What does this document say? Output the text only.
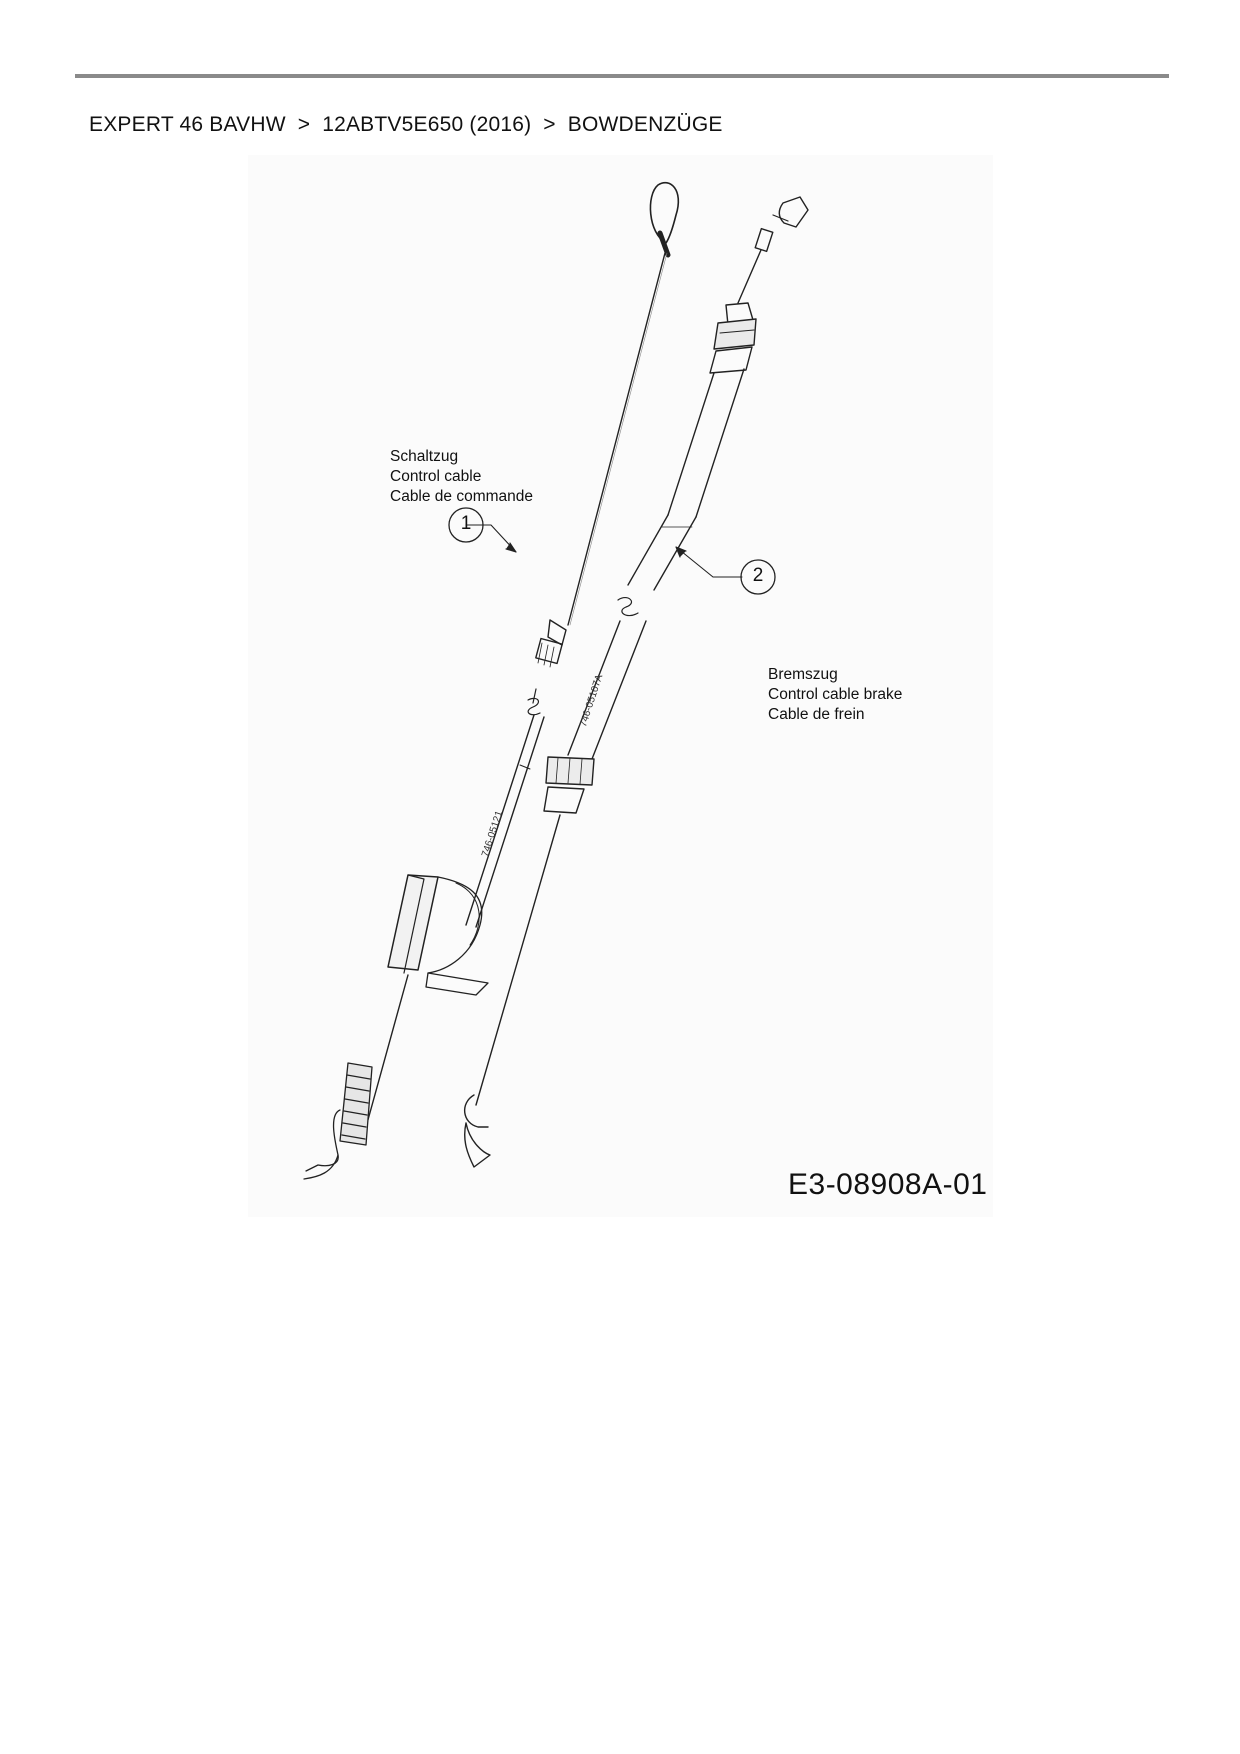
EXPERT 46 BAVHW > 12ABTV5E650 (2016) > BOWDENZÜGE
1
2
Schaltzug
Control cable
Cable de commande
Bremszug
Control cable brake
Cable de frein
746-05121
746-05107A
E3-08908A-01
